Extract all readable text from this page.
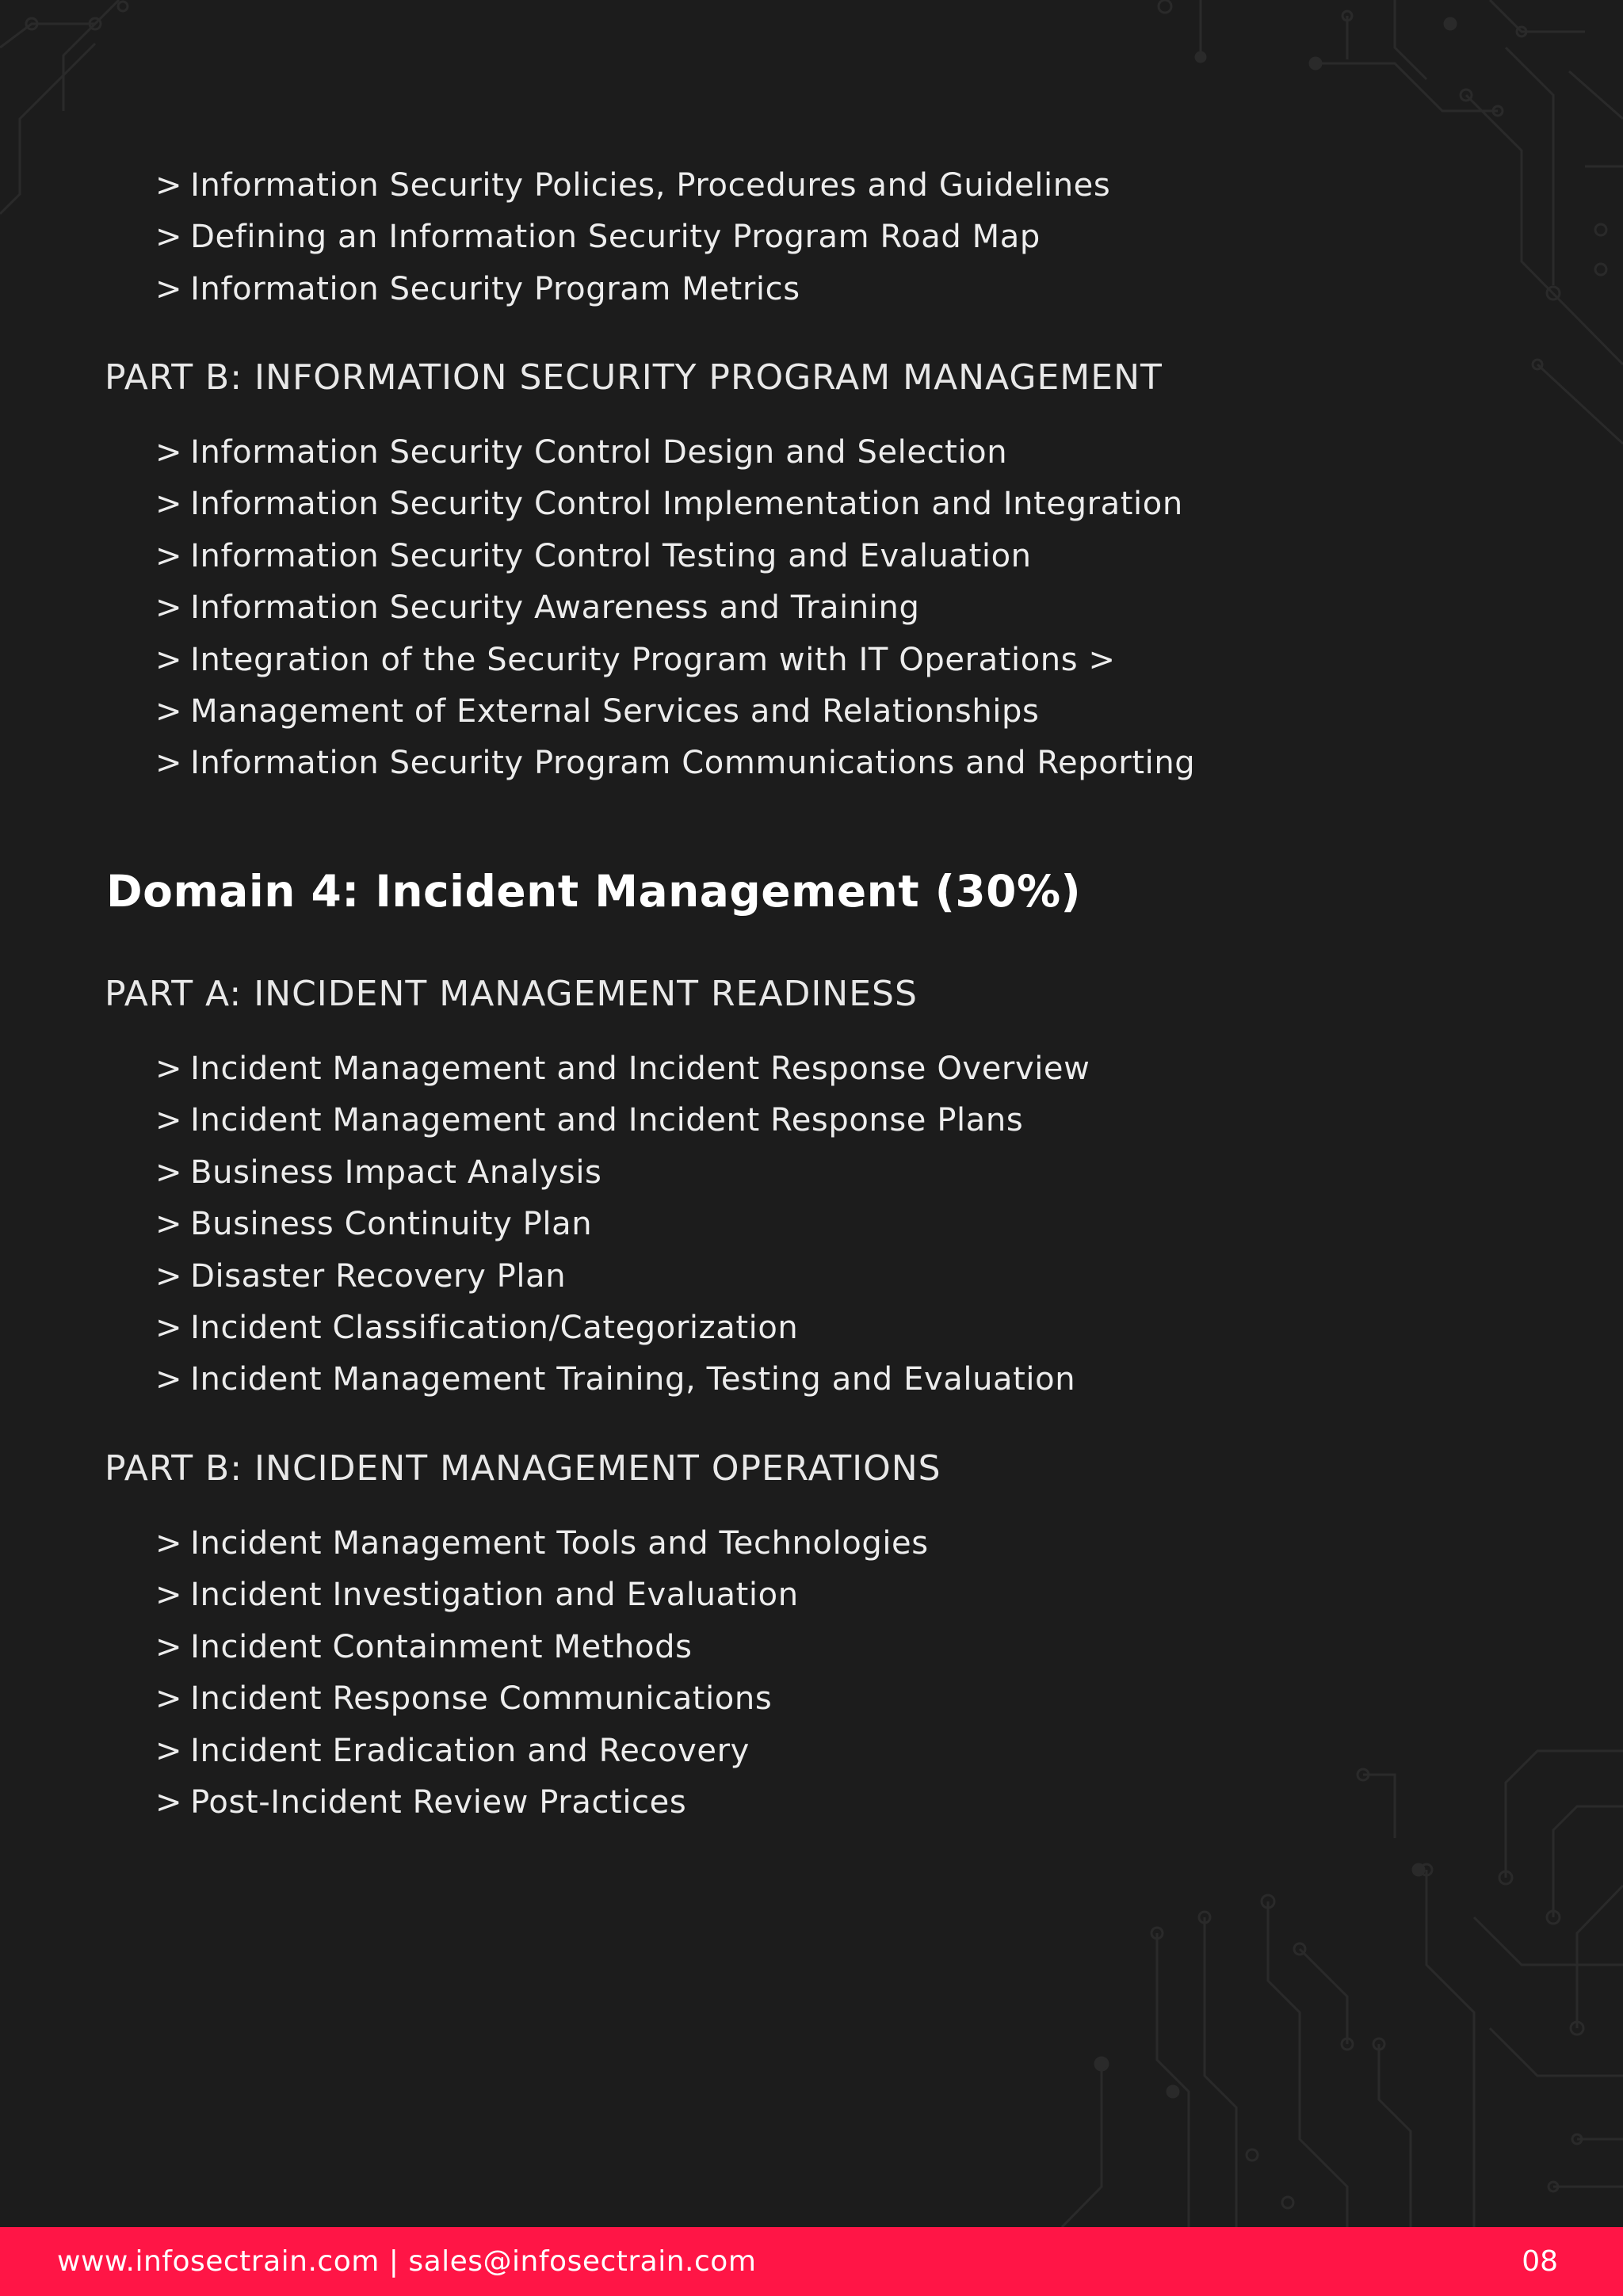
> Information Security Policies, Procedures and Guidelines
> Defining an Information Security Program Road Map
> Information Security Program Metrics
PART B: INFORMATION SECURITY PROGRAM MANAGEMENT
> Information Security Control Design and Selection
> Information Security Control Implementation and Integration
> Information Security Control Testing and Evaluation
> Information Security Awareness and Training
> Integration of the Security Program with IT Operations >
> Management of External Services and Relationships
> Information Security Program Communications and Reporting
Domain 4: Incident Management (30%)
PART A: INCIDENT MANAGEMENT READINESS
> Incident Management and Incident Response Overview
> Incident Management and Incident Response Plans
> Business Impact Analysis
> Business Continuity Plan
> Disaster Recovery Plan
> Incident Classification/Categorization
> Incident Management Training, Testing and Evaluation
PART B: INCIDENT MANAGEMENT OPERATIONS
> Incident Management Tools and Technologies
> Incident Investigation and Evaluation
> Incident Containment Methods
> Incident Response Communications
> Incident Eradication and Recovery
> Post-Incident Review Practices
www.infosectrain.com | sales@infosectrain.com	08
